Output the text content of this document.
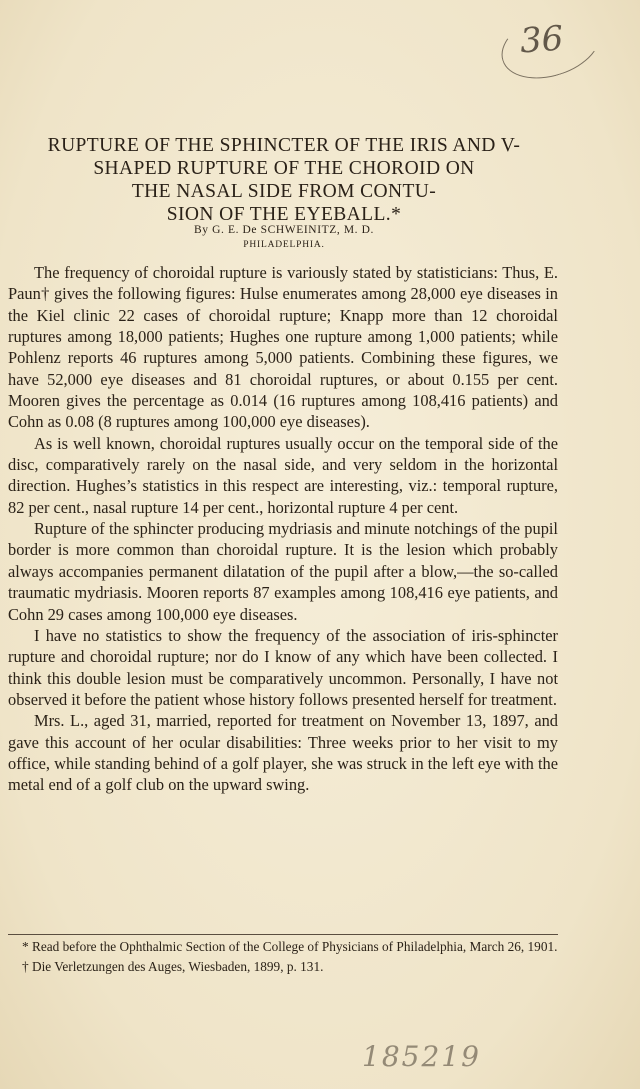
36
RUPTURE OF THE SPHINCTER OF THE IRIS AND V-
SHAPED RUPTURE OF THE CHOROID ON
THE NASAL SIDE FROM CONTU-
SION OF THE EYEBALL.*
By G. E. De SCHWEINITZ, M. D.
PHILADELPHIA.

The frequency of choroidal rupture is variously stated by statisticians: Thus, E. Paun† gives the following figures: Hulse enumerates among 28,000 eye diseases in the Kiel clinic 22 cases of choroidal rupture; Knapp more than 12 choroidal ruptures among 18,000 patients; Hughes one rupture among 1,000 patients; while Pohlenz reports 46 ruptures among 5,000 patients. Combining these figures, we have 52,000 eye diseases and 81 choroidal ruptures, or about 0.155 per cent. Mooren gives the percentage as 0.014 (16 ruptures among 108,416 patients) and Cohn as 0.08 (8 ruptures among 100,000 eye diseases).

As is well known, choroidal ruptures usually occur on the temporal side of the disc, comparatively rarely on the nasal side, and very seldom in the horizontal direction. Hughes’s statistics in this respect are interesting, viz.: temporal rupture, 82 per cent., nasal rupture 14 per cent., horizontal rupture 4 per cent.

Rupture of the sphincter producing mydriasis and minute notchings of the pupil border is more common than choroidal rupture. It is the lesion which probably always accompanies permanent dilatation of the pupil after a blow,—the so-called traumatic mydriasis. Mooren reports 87 examples among 108,416 eye patients, and Cohn 29 cases among 100,000 eye diseases.

I have no statistics to show the frequency of the association of iris-sphincter rupture and choroidal rupture; nor do I know of any which have been collected. I think this double lesion must be comparatively uncommon. Personally, I have not observed it before the patient whose history follows presented herself for treatment.

Mrs. L., aged 31, married, reported for treatment on November 13, 1897, and gave this account of her ocular disabilities: Three weeks prior to her visit to my office, while standing behind of a golf player, she was struck in the left eye with the metal end of a golf club on the upward swing.

* Read before the Ophthalmic Section of the College of Physicians of Philadelphia, March 26, 1901.

† Die Verletzungen des Auges, Wiesbaden, 1899, p. 131.

185219
